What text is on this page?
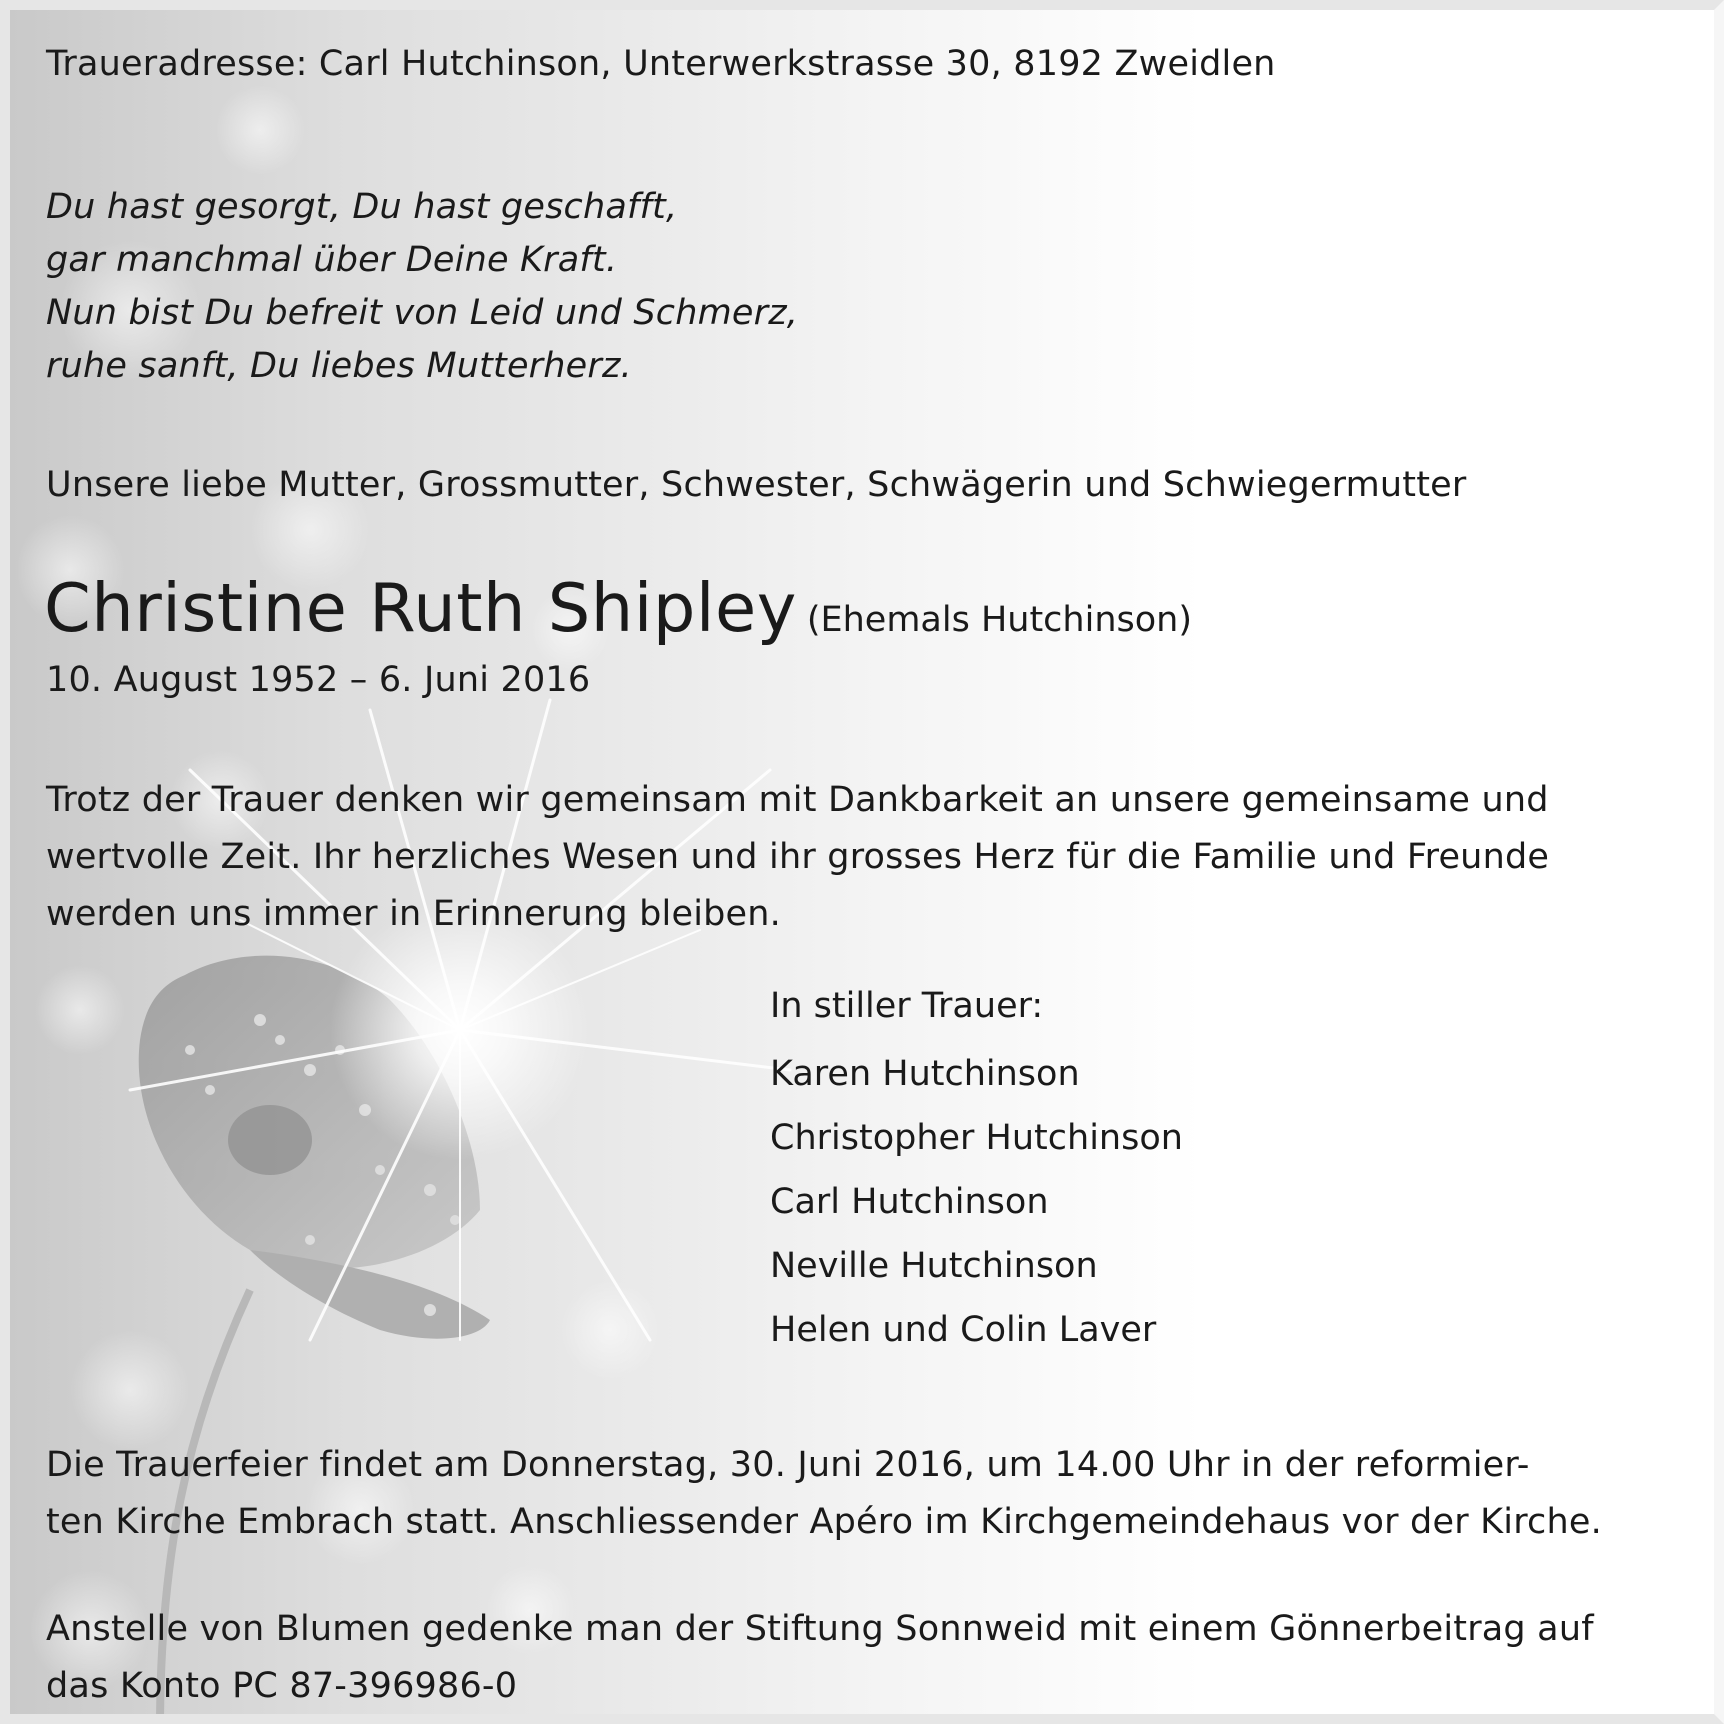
Traueradresse: Carl Hutchinson, Unterwerkstrasse 30, 8192 Zweidlen
Du hast gesorgt, Du hast geschafft,
gar manchmal über Deine Kraft.
Nun bist Du befreit von Leid und Schmerz,
ruhe sanft, Du liebes Mutterherz.
Unsere liebe Mutter, Grossmutter, Schwester, Schwägerin und Schwiegermutter
Christine Ruth Shipley (Ehemals Hutchinson)
10. August 1952 – 6. Juni 2016
Trotz der Trauer denken wir gemeinsam mit Dankbarkeit an unsere gemeinsame und
wertvolle Zeit. Ihr herzliches Wesen und ihr grosses Herz für die Familie und Freunde
werden uns immer in Erinnerung bleiben.
In stiller Trauer:
Karen Hutchinson
Christopher Hutchinson
Carl Hutchinson
Neville Hutchinson
Helen und Colin Laver
Die Trauerfeier findet am Donnerstag, 30. Juni 2016, um 14.00 Uhr in der reformier-
ten Kirche Embrach statt. Anschliessender Apéro im Kirchgemeindehaus vor der Kirche.
Anstelle von Blumen gedenke man der Stiftung Sonnweid mit einem Gönnerbeitrag auf
das Konto PC 87-396986-0
